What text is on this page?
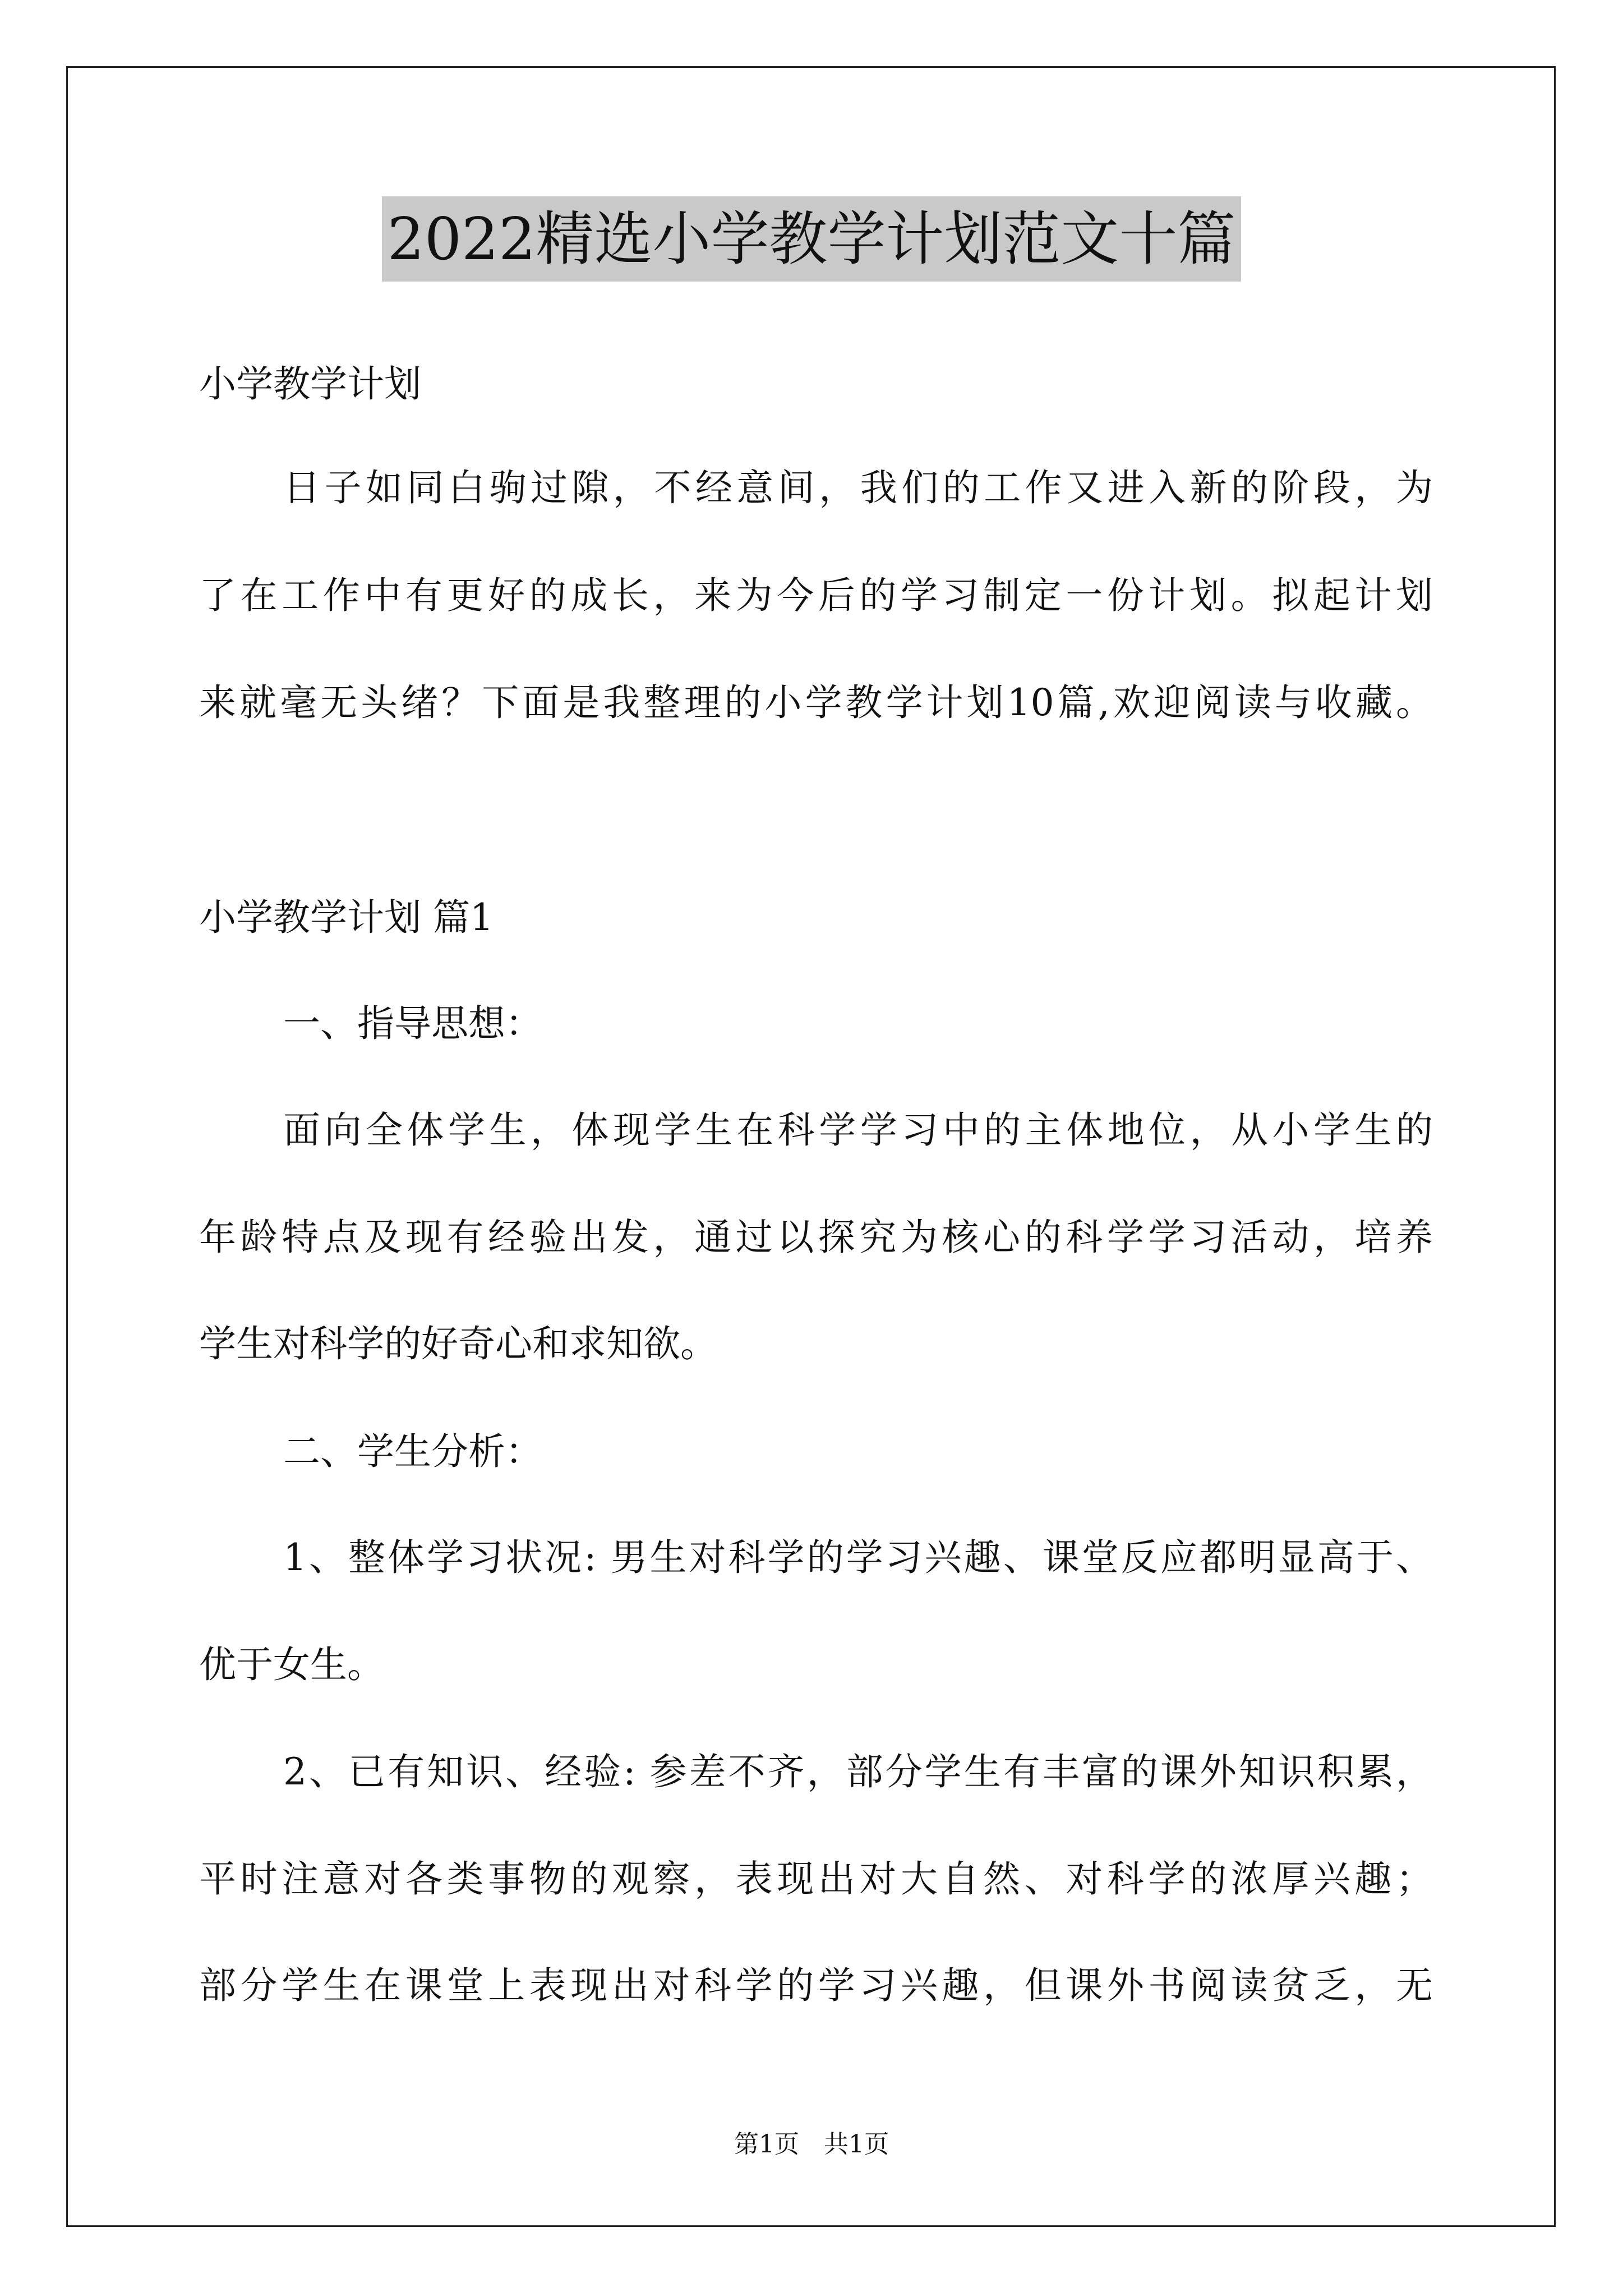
2022精选小学教学计划范文十篇
小学教学计划
日子如同白驹过隙，不经意间，我们的工作又进入新的阶段，为
了在工作中有更好的成长，来为今后的学习制定一份计划。拟起计划
来就毫无头绪？下面是我整理的小学教学计划10篇,欢迎阅读与收藏。
小学教学计划 篇1
一、指导思想：
面向全体学生，体现学生在科学学习中的主体地位，从小学生的
年龄特点及现有经验出发，通过以探究为核心的科学学习活动，培养
学生对科学的好奇心和求知欲。
二、学生分析：
1、整体学习状况: 男生对科学的学习兴趣、课堂反应都明显高于、
优于女生。
2、已有知识、经验: 参差不齐，部分学生有丰富的课外知识积累，
平时注意对各类事物的观察，表现出对大自然、对科学的浓厚兴趣；
部分学生在课堂上表现出对科学的学习兴趣，但课外书阅读贫乏，无
第1页　共1页
